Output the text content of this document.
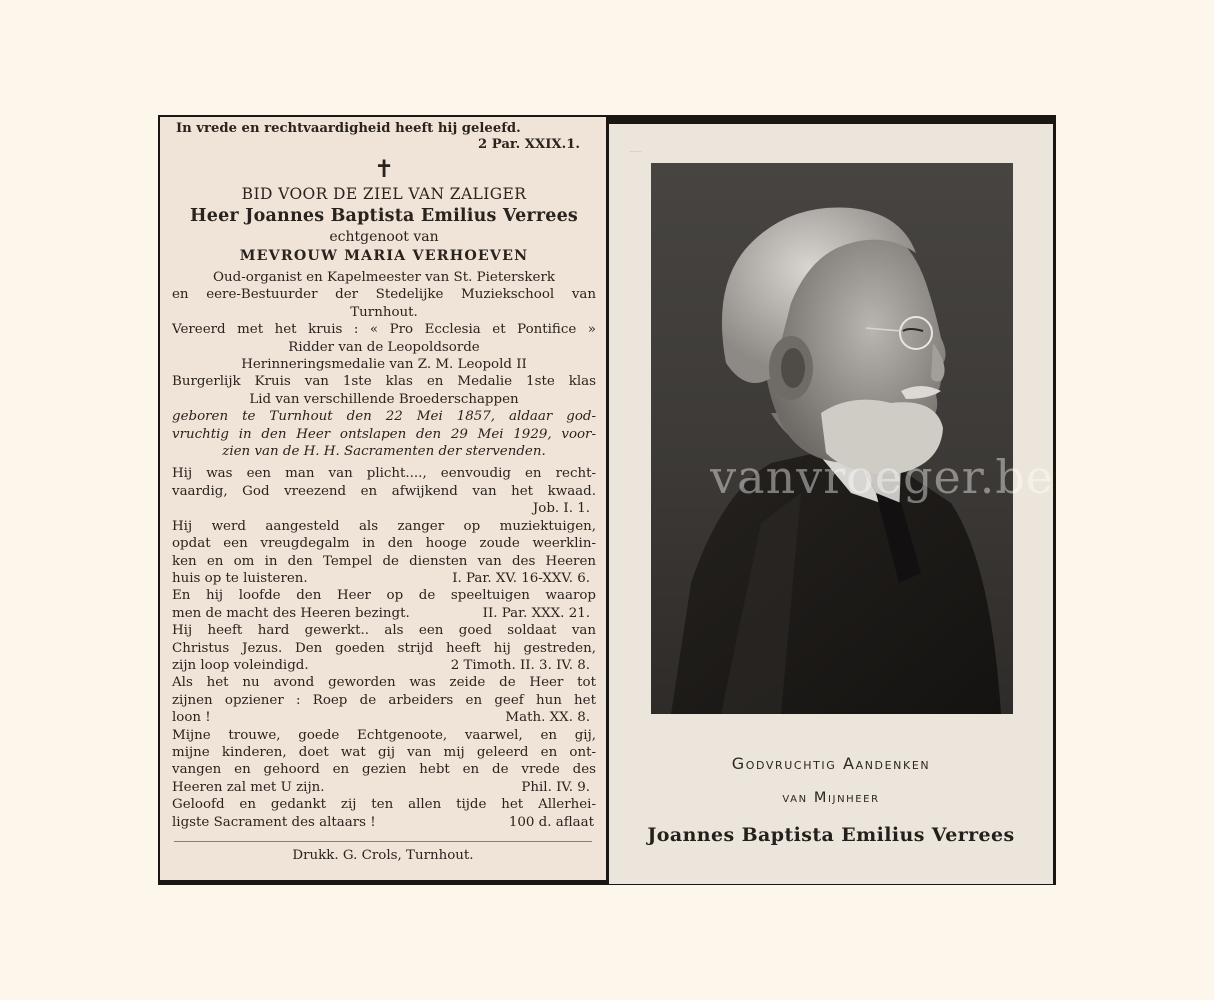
In vrede en rechtvaardigheid heeft hij geleefd.
2 Par. XXIX.1.
✝
BID VOOR DE ZIEL VAN ZALIGER
Heer Joannes Baptista Emilius Verrees
echtgenoot van
MEVROUW MARIA VERHOEVEN
Oud-organist en Kapelmeester van St. Pieterskerk
en eere-Bestuurder der Stedelijke Muziekschool van
Turnhout.
Vereerd met het kruis : « Pro Ecclesia et Pontifice »
Ridder van de Leopoldsorde
Herinneringsmedalie van Z. M. Leopold II
Burgerlijk Kruis van 1ste klas en Medalie 1ste klas
Lid van verschillende Broederschappen
geboren te Turnhout den 22 Mei 1857, aldaar god-
vruchtig in den Heer ontslapen den 29 Mei 1929, voor-
zien van de H. H. Sacramenten der stervenden.
Hij was een man van plicht...., eenvoudig en recht-
vaardig, God vreezend en afwijkend van het kwaad.
Job. I. 1.
Hij werd aangesteld als zanger op muziektuigen,
opdat een vreugdegalm in den hooge zoude weerklin-
ken en om in den Tempel de diensten van des Heeren
huis op te luisteren.	I. Par. XV. 16-XXV. 6.
En hij loofde den Heer op de speeltuigen waarop
men de macht des Heeren bezingt.	II. Par. XXX. 21.
Hij heeft hard gewerkt.. als een goed soldaat van
Christus Jezus. Den goeden strijd heeft hij gestreden,
zijn loop voleindigd.	2 Timoth. II. 3. IV. 8.
Als het nu avond geworden was zeide de Heer tot
zijnen opziener : Roep de arbeiders en geef hun het
loon !	Math. XX. 8.
Mijne trouwe, goede Echtgenoote, vaarwel, en gij,
mijne kinderen, doet wat gij van mij geleerd en ont-
vangen en gehoord en gezien hebt en de vrede des
Heeren zal met U zijn.	Phil. IV. 9.
Geloofd en gedankt zij ten allen tijde het Allerhei-
ligste Sacrament des altaars !	100 d. aflaat
Drukk. G. Crols, Turnhout.
—
Godvruchtig Aandenken
van Mijnheer
Joannes Baptista Emilius Verrees
vanvroeger.be
